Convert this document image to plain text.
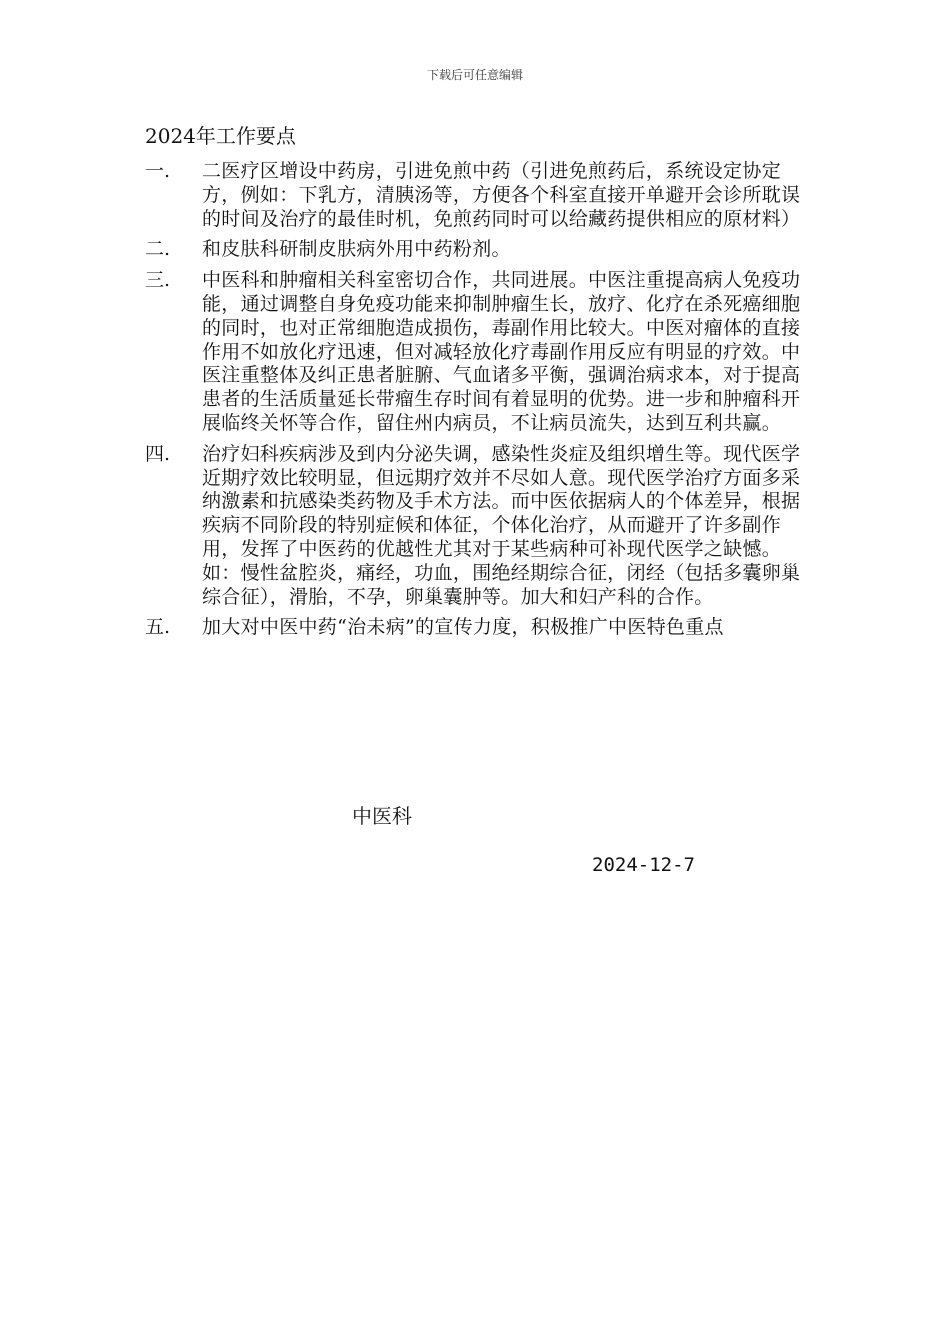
下载后可任意编辑
2024年工作要点
一.	二医疗区增设中药房，引进免煎中药（引进免煎药后，系统设定协定方，例如：下乳方，清胰汤等，方便各个科室直接开单避开会诊所耽误的时间及治疗的最佳时机，免煎药同时可以给藏药提供相应的原材料）
二.	和皮肤科研制皮肤病外用中药粉剂。
三.	中医科和肿瘤相关科室密切合作，共同进展。中医注重提高病人免疫功能，通过调整自身免疫功能来抑制肿瘤生长，放疗、化疗在杀死癌细胞的同时，也对正常细胞造成损伤，毒副作用比较大。中医对瘤体的直接作用不如放化疗迅速，但对减轻放化疗毒副作用反应有明显的疗效。中医注重整体及纠正患者脏腑、气血诸多平衡，强调治病求本，对于提高患者的生活质量延长带瘤生存时间有着显明的优势。进一步和肿瘤科开展临终关怀等合作，留住州内病员，不让病员流失，达到互利共赢。
四.	治疗妇科疾病涉及到内分泌失调，感染性炎症及组织增生等。现代医学近期疗效比较明显，但远期疗效并不尽如人意。现代医学治疗方面多采纳激素和抗感染类药物及手术方法。而中医依据病人的个体差异，根据疾病不同阶段的特别症候和体征，个体化治疗，从而避开了许多副作用，发挥了中医药的优越性尤其对于某些病种可补现代医学之缺憾。如：慢性盆腔炎，痛经，功血，围绝经期综合征，闭经（包括多囊卵巢综合征），滑胎，不孕，卵巢囊肿等。加大和妇产科的合作。
五.	加大对中医中药“治未病”的宣传力度，积极推广中医特色重点
中医科
2024-12-7
